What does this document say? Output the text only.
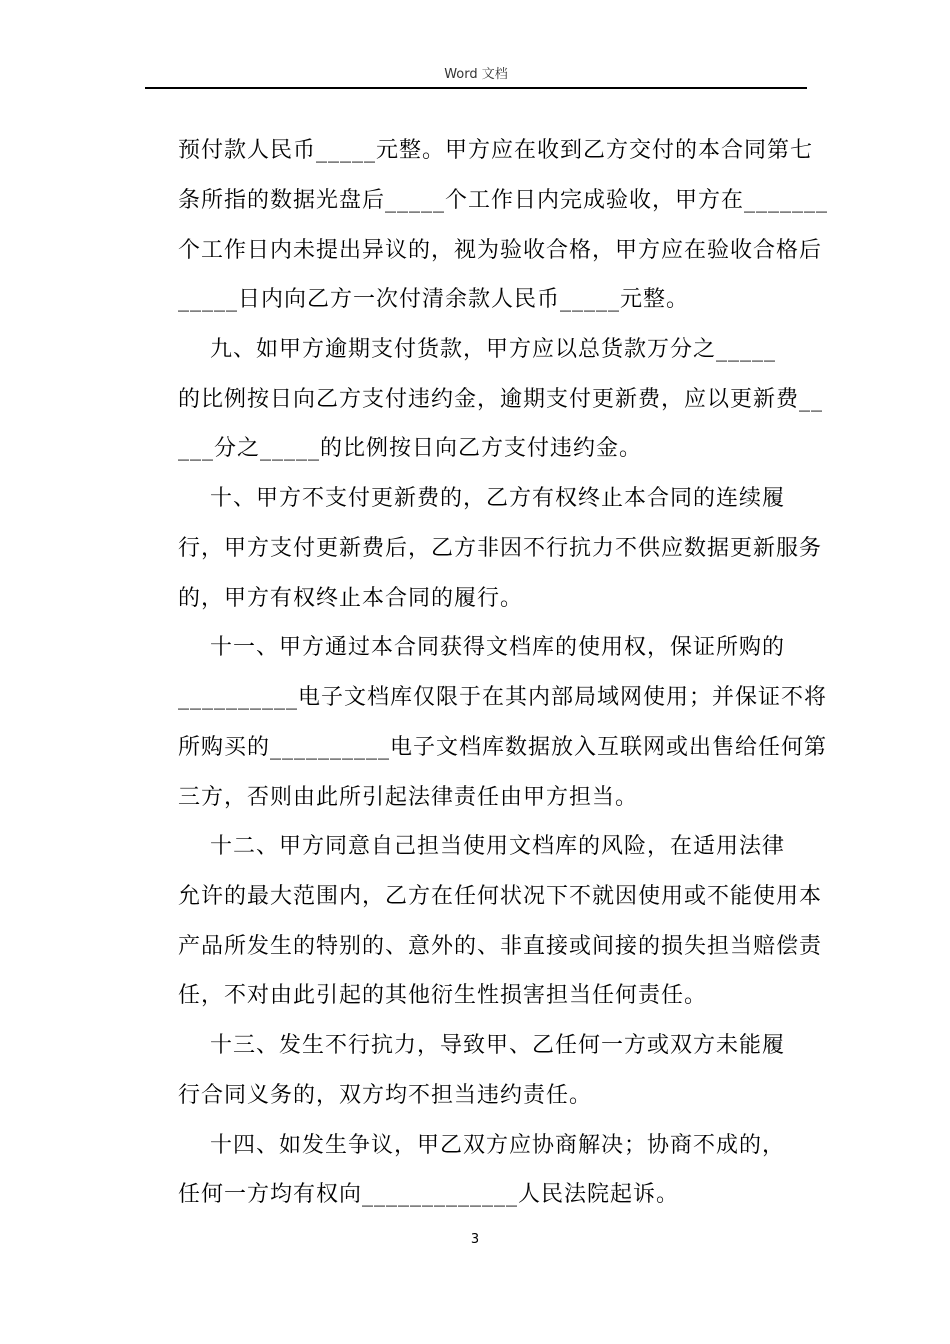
Word 文档
预付款人民币_____元整。甲方应在收到乙方交付的本合同第七
条所指的数据光盘后_____个工作日内完成验收，甲方在_______
个工作日内未提出异议的，视为验收合格，甲方应在验收合格后
_____日内向乙方一次付清余款人民币_____元整。
九、如甲方逾期支付货款，甲方应以总货款万分之_____
的比例按日向乙方支付违约金，逾期支付更新费，应以更新费__
___分之_____的比例按日向乙方支付违约金。
十、甲方不支付更新费的，乙方有权终止本合同的连续履
行，甲方支付更新费后，乙方非因不行抗力不供应数据更新服务
的，甲方有权终止本合同的履行。
十一、甲方通过本合同获得文档库的使用权，保证所购的
__________电子文档库仅限于在其内部局域网使用；并保证不将
所购买的__________电子文档库数据放入互联网或出售给任何第
三方，否则由此所引起法律责任由甲方担当。
十二、甲方同意自己担当使用文档库的风险，在适用法律
允许的最大范围内，乙方在任何状况下不就因使用或不能使用本
产品所发生的特别的、意外的、非直接或间接的损失担当赔偿责
任，不对由此引起的其他衍生性损害担当任何责任。
十三、发生不行抗力，导致甲、乙任何一方或双方未能履
行合同义务的，双方均不担当违约责任。
十四、如发生争议，甲乙双方应协商解决；协商不成的，
任何一方均有权向_____________人民法院起诉。
3
